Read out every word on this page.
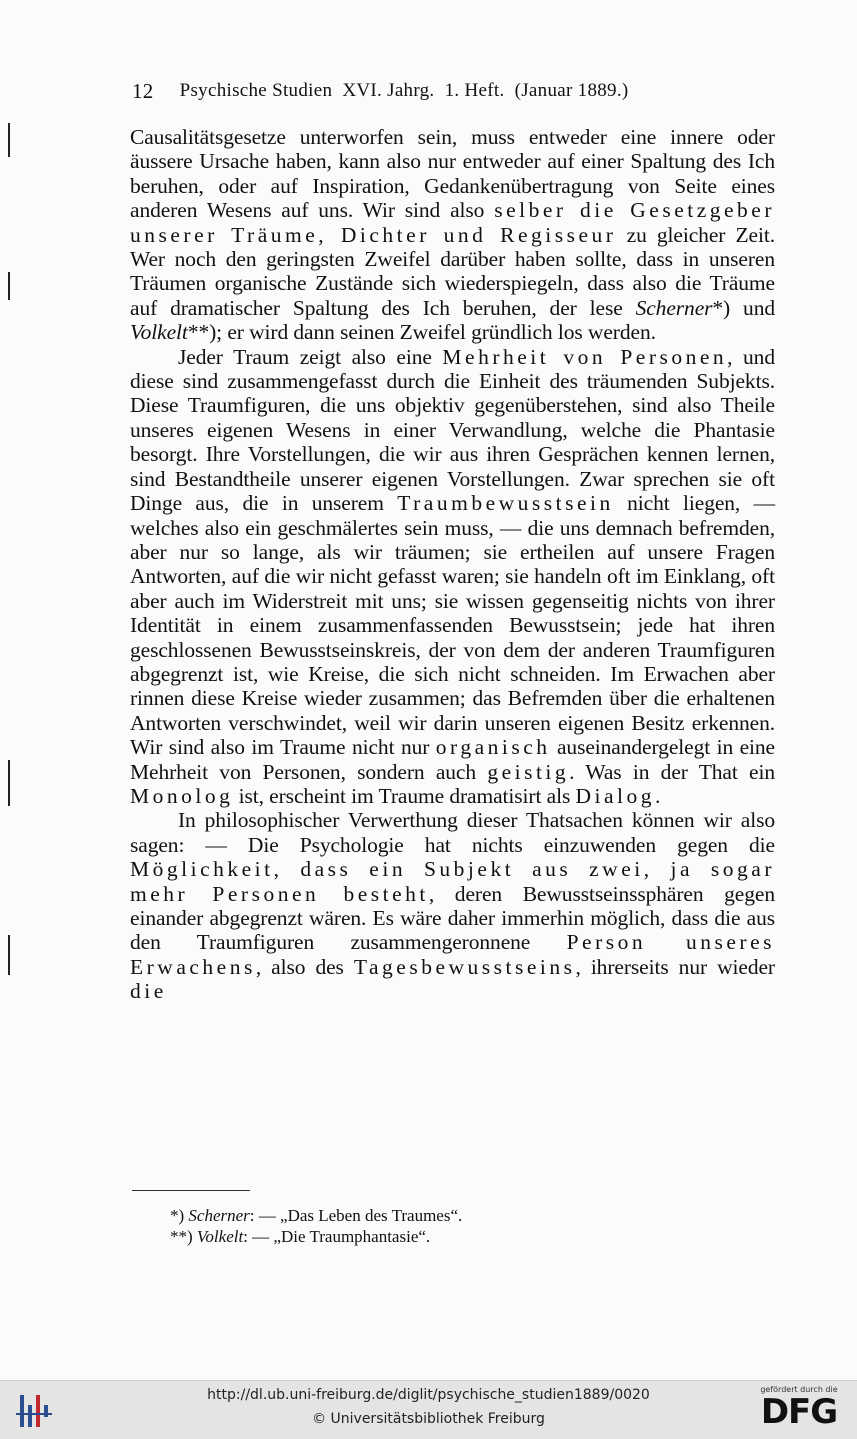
12 Psychische Studien  XVI. Jahrg.  1. Heft.  (Januar 1889.)

Causalitätsgesetze unterworfen sein, muss entweder eine innere oder äussere Ursache haben, kann also nur entweder auf einer Spaltung des Ich beruhen, oder auf Inspiration, Gedankenübertragung von Seite eines anderen Wesens auf uns. Wir sind also selber die Gesetzgeber unserer Träume, Dichter und Regisseur zu gleicher Zeit. Wer noch den geringsten Zweifel darüber haben sollte, dass in unseren Träumen organische Zustände sich wiederspiegeln, dass also die Träume auf dramatischer Spaltung des Ich beruhen, der lese Scherner*) und Volkelt**); er wird dann seinen Zweifel gründlich los werden.

Jeder Traum zeigt also eine Mehrheit von Personen, und diese sind zusammengefasst durch die Einheit des träumenden Subjekts. Diese Traumfiguren, die uns objektiv gegenüberstehen, sind also Theile unseres eigenen Wesens in einer Verwandlung, welche die Phantasie besorgt. Ihre Vorstellungen, die wir aus ihren Gesprächen kennen lernen, sind Bestandtheile unserer eigenen Vorstellungen. Zwar sprechen sie oft Dinge aus, die in unserem Traumbewusstsein nicht liegen, — welches also ein geschmälertes sein muss, — die uns demnach befremden, aber nur so lange, als wir träumen; sie ertheilen auf unsere Fragen Antworten, auf die wir nicht gefasst waren; sie handeln oft im Einklang, oft aber auch im Widerstreit mit uns; sie wissen gegenseitig nichts von ihrer Identität in einem zusammenfassenden Bewusstsein; jede hat ihren geschlossenen Bewusstseinskreis, der von dem der anderen Traumfiguren abgegrenzt ist, wie Kreise, die sich nicht schneiden. Im Erwachen aber rinnen diese Kreise wieder zusammen; das Befremden über die erhaltenen Antworten verschwindet, weil wir darin unseren eigenen Besitz erkennen. Wir sind also im Traume nicht nur organisch auseinandergelegt in eine Mehrheit von Personen, sondern auch geistig. Was in der That ein Monolog ist, erscheint im Traume dramatisirt als Dialog.

In philosophischer Verwerthung dieser Thatsachen können wir also sagen: — Die Psychologie hat nichts einzuwenden gegen die Möglichkeit, dass ein Subjekt aus zwei, ja sogar mehr Personen besteht, deren Bewusstseinssphären gegen einander abgegrenzt wären. Es wäre daher immerhin möglich, dass die aus den Traumfiguren zusammengeronnene Person unseres Erwachens, also des Tagesbewusstseins, ihrerseits nur wieder die

*) Scherner: — „Das Leben des Traumes“.
**) Volkelt: — „Die Traumphantasie“.
http://dl.ub.uni-freiburg.de/diglit/psychische_studien1889/0020
© Universitätsbibliothek Freiburg
gefördert durch die
DFG
